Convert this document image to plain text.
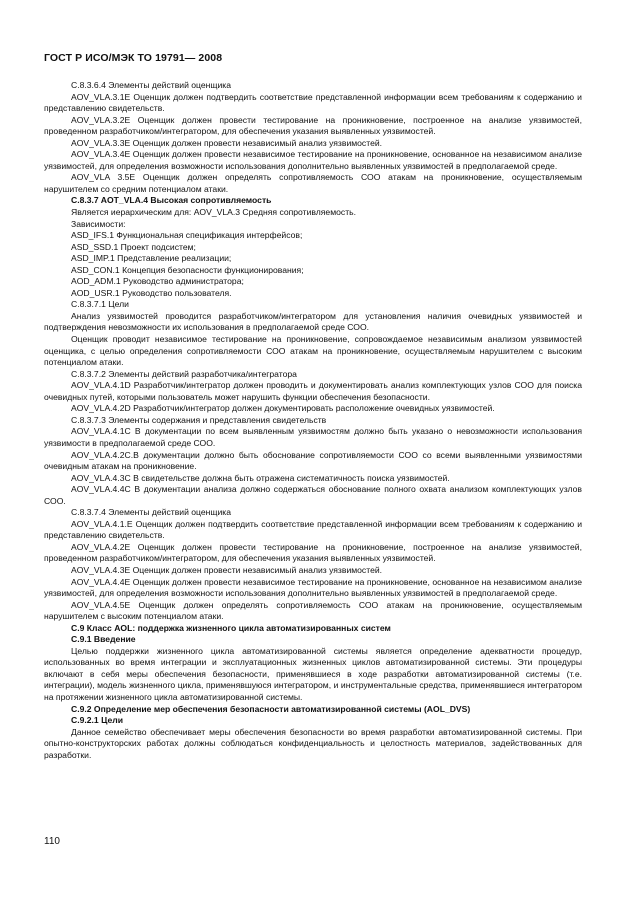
ГОСТ Р ИСО/МЭК ТО 19791— 2008

C.8.3.6.4 Элементы действий оценщика

AOV_VLA.3.1E Оценщик должен подтвердить соответствие представленной информации всем требованиям к содержанию и представлению свидетельств.

AOV_VLA.3.2E Оценщик должен провести тестирование на проникновение, построенное на анализе уязвимостей, проведенном разработчиком/интегратором, для обеспечения указания выявленных уязвимостей.

AOV_VLA.3.3E Оценщик должен провести независимый анализ уязвимостей.

AOV_VLA.3.4E Оценщик должен провести независимое тестирование на проникновение, основанное на независимом анализе уязвимостей, для определения возможности использования дополнительно выявленных уязвимостей в предполагаемой среде.

AOV_VLA 3.5E Оценщик должен определять сопротивляемость СОО атакам на проникновение, осуществляемым нарушителем со средним потенциалом атаки.

C.8.3.7 AOT_VLA.4 Высокая сопротивляемость

Является иерархическим для: AOV_VLA.3 Средняя сопротивляемость.

Зависимости:

ASD_IFS.1 Функциональная спецификация интерфейсов;

ASD_SSD.1 Проект подсистем;

ASD_IMP.1 Представление реализации;

ASD_CON.1 Концепция безопасности функционирования;

AOD_ADM.1 Руководство администратора;

AOD_USR.1 Руководство пользователя.

C.8.3.7.1 Цели

Анализ уязвимостей проводится разработчиком/интегратором для установления наличия очевидных уязвимостей и подтверждения невозможности их использования в предполагаемой среде СОО.

Оценщик проводит независимое тестирование на проникновение, сопровождаемое независимым анализом уязвимостей оценщика, с целью определения сопротивляемости СОО атакам на проникновение, осуществляемым нарушителем с высоким потенциалом атаки.

C.8.3.7.2 Элементы действий разработчика/интегратора

AOV_VLA.4.1D Разработчик/интегратор должен проводить и документировать анализ комплектующих узлов СОО для поиска очевидных путей, которыми пользователь может нарушить функции обеспечения безопасности.

AOV_VLA.4.2D Разработчик/интегратор должен документировать расположение очевидных уязвимостей.

C.8.3.7.3 Элементы содержания и представления свидетельств

AOV_VLA.4.1C В документации по всем выявленным уязвимостям должно быть указано о невозможности использования уязвимости в предполагаемой среде СОО.

AOV_VLA.4.2C.B документации должно быть обоснование сопротивляемости СОО со всеми выявленными уязвимостями очевидным атакам на проникновение.

AOV_VLA.4.3C В свидетельстве должна быть отражена систематичность поиска уязвимостей.

AOV_VLA.4.4C В документации анализа должно содержаться обоснование полного охвата анализом комплектующих узлов СОО.

C.8.3.7.4 Элементы действий оценщика

AOV_VLA.4.1.E Оценщик должен подтвердить соответствие представленной информации всем требованиям к содержанию и представлению свидетельств.

AOV_VLA.4.2E Оценщик должен провести тестирование на проникновение, построенное на анализе уязвимостей, проведенном разработчиком/интегратором, для обеспечения указания выявленных уязвимостей.

AOV_VLA.4.3E Оценщик должен провести независимый анализ уязвимостей.

AOV_VLA.4.4E Оценщик должен провести независимое тестирование на проникновение, основанное на независимом анализе уязвимостей, для определения возможности использования дополнительно выявленных уязвимостей в предполагаемой среде.

AOV_VLA.4.5E Оценщик должен определять сопротивляемость СОО атакам на проникновение, осуществляемым нарушителем с высоким потенциалом атаки.

С.9 Класс AOL: поддержка жизненного цикла автоматизированных систем

С.9.1 Введение

Целью поддержки жизненного цикла автоматизированной системы является определение адекватности процедур, использованных во время интеграции и эксплуатационных жизненных циклов автоматизированной системы. Эти процедуры включают в себя меры обеспечения безопасности, применявшиеся в ходе разработки автоматизированной системы (т.е. интеграции), модель жизненного цикла, применявшуюся интегратором, и инструментальные средства, применявшиеся интегратором на протяжении жизненного цикла автоматизированной системы.

С.9.2 Определение мер обеспечения безопасности автоматизированной системы (AOL_DVS)

С.9.2.1 Цели

Данное семейство обеспечивает меры обеспечения безопасности во время разработки автоматизированной системы. При опытно-конструкторских работах должны соблюдаться конфиденциальность и целостность материалов, задействованных для разработки.

110
